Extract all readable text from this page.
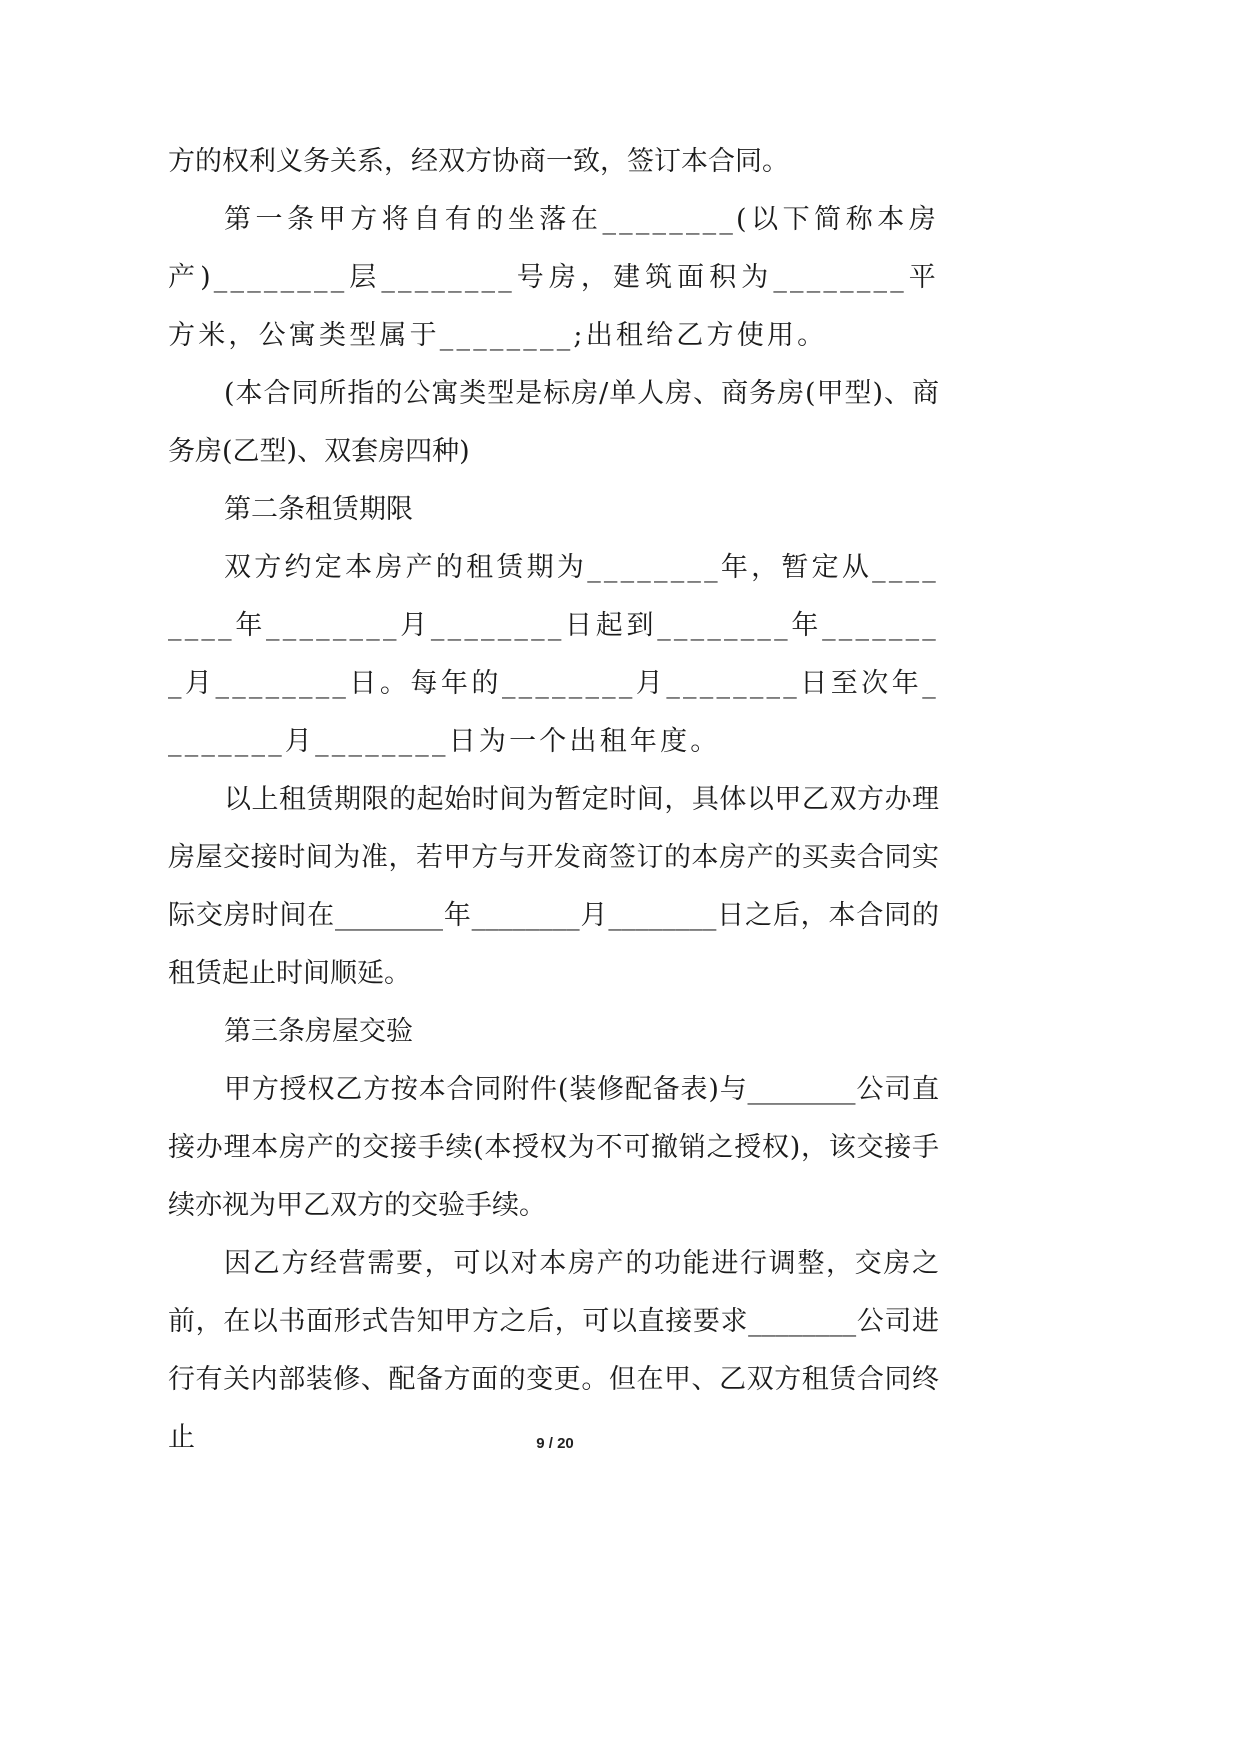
方的权利义务关系，经双方协商一致，签订本合同。

第一条甲方将自有的坐落在________(以下简称本房产)________层________号房，建筑面积为________平方米，公寓类型属于________;出租给乙方使用。

(本合同所指的公寓类型是标房/单人房、商务房(甲型)、商务房(乙型)、双套房四种)

第二条租赁期限

双方约定本房产的租赁期为________年，暂定从________年________月________日起到________年________月________日。每年的________月________日至次年________月________日为一个出租年度。

以上租赁期限的起始时间为暂定时间，具体以甲乙双方办理房屋交接时间为准，若甲方与开发商签订的本房产的买卖合同实际交房时间在________年________月________日之后，本合同的租赁起止时间顺延。

第三条房屋交验

甲方授权乙方按本合同附件(装修配备表)与________公司直接办理本房产的交接手续(本授权为不可撤销之授权)，该交接手续亦视为甲乙双方的交验手续。

因乙方经营需要，可以对本房产的功能进行调整，交房之前，在以书面形式告知甲方之后，可以直接要求________公司进行有关内部装修、配备方面的变更。但在甲、乙双方租赁合同终止	9 / 20
